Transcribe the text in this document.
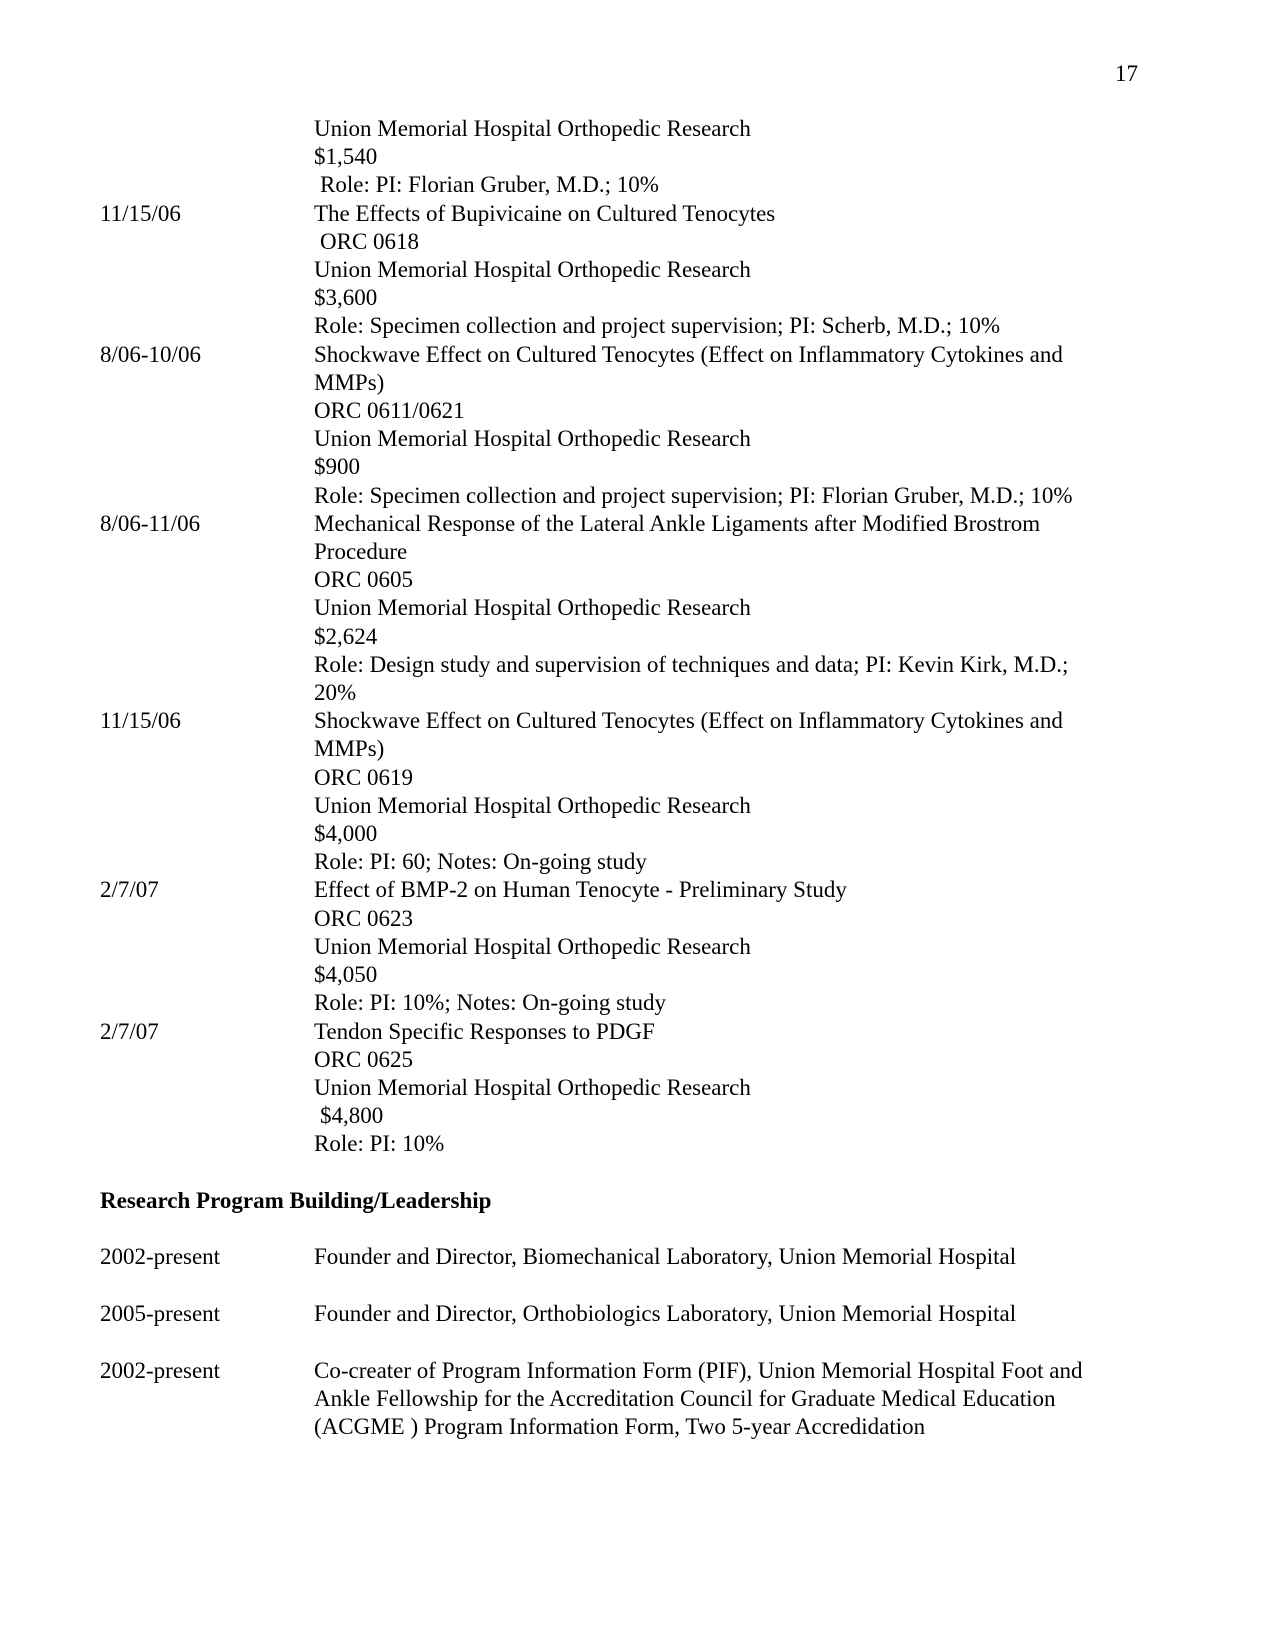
17
Union Memorial Hospital Orthopedic Research
$1,540
Role: PI: Florian Gruber, M.D.; 10%
11/15/06	The Effects of Bupivicaine on Cultured Tenocytes
ORC 0618
Union Memorial Hospital Orthopedic Research
$3,600
Role: Specimen collection and project supervision; PI: Scherb, M.D.; 10%
8/06-10/06	Shockwave Effect on Cultured Tenocytes (Effect on Inflammatory Cytokines and
MMPs)
ORC 0611/0621
Union Memorial Hospital Orthopedic Research
$900
Role: Specimen collection and project supervision; PI: Florian Gruber, M.D.; 10%
8/06-11/06	Mechanical Response of the Lateral Ankle Ligaments after Modified Brostrom
Procedure
ORC 0605
Union Memorial Hospital Orthopedic Research
$2,624
Role: Design study and supervision of techniques and data; PI: Kevin Kirk, M.D.;
20%
11/15/06	Shockwave Effect on Cultured Tenocytes (Effect on Inflammatory Cytokines and
MMPs)
ORC 0619
Union Memorial Hospital Orthopedic Research
$4,000
Role: PI: 60; Notes: On-going study
2/7/07	Effect of BMP-2 on Human Tenocyte - Preliminary Study
ORC 0623
Union Memorial Hospital Orthopedic Research
$4,050
Role: PI: 10%; Notes: On-going study
2/7/07	Tendon Specific Responses to PDGF
ORC 0625
Union Memorial Hospital Orthopedic Research
$4,800
Role: PI: 10%
Research Program Building/Leadership
2002-present	Founder and Director, Biomechanical Laboratory, Union Memorial Hospital
2005-present	Founder and Director, Orthobiologics Laboratory, Union Memorial Hospital
2002-present	Co-creater of Program Information Form (PIF), Union Memorial Hospital Foot and
Ankle Fellowship for the Accreditation Council for Graduate Medical Education
(ACGME ) Program Information Form, Two 5-year Accredidation
